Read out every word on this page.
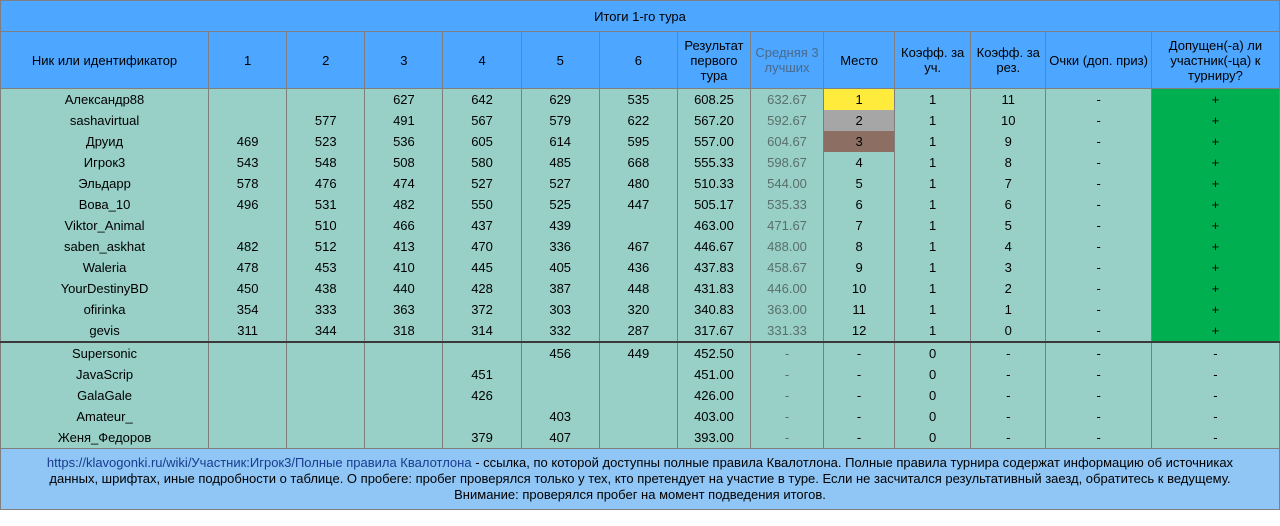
Итоги 1-го тура													
Ник или идентификатор	1	2	3	4	5	6	Результат первого тура	Средняя 3 лучших	Место	Коэфф. за уч.	Коэфф. за рез.	Очки (доп. приз)	Допущен(-а) ли участник(-ца) к турниру?
Александр88			627	642	629	535	608.25	632.67	1	1	11	-	+
sashavirtual		577	491	567	579	622	567.20	592.67	2	1	10	-	+
Друид	469	523	536	605	614	595	557.00	604.67	3	1	9	-	+
Игрок3	543	548	508	580	485	668	555.33	598.67	4	1	8	-	+
Эльдарр	578	476	474	527	527	480	510.33	544.00	5	1	7	-	+
Вова_10	496	531	482	550	525	447	505.17	535.33	6	1	6	-	+
Viktor_Animal		510	466	437	439		463.00	471.67	7	1	5	-	+
saben_askhat	482	512	413	470	336	467	446.67	488.00	8	1	4	-	+
Waleria	478	453	410	445	405	436	437.83	458.67	9	1	3	-	+
YourDestinyBD	450	438	440	428	387	448	431.83	446.00	10	1	2	-	+
ofirinka	354	333	363	372	303	320	340.83	363.00	11	1	1	-	+
gevis	311	344	318	314	332	287	317.67	331.33	12	1	0	-	+
Supersonic					456	449	452.50	-	-	0	-	-	-
JavaScrip				451			451.00	-	-	0	-	-	-
GalaGale				426			426.00	-	-	0	-	-	-
Amateur_					403		403.00	-	-	0	-	-	-
Женя_Федоров				379	407		393.00	-	-	0	-	-	-
https://klavogonki.ru/wiki/Участник:Игрок3/Полные правила Квалотлона - ссылка, по которой доступны полные правила Квалотлона. Полные правила турнира содержат информацию об источниках данных, шрифтах, иные подробности о таблице. О пробеге: пробег проверялся только у тех, кто претендует на участие в туре. Если не засчитался результативный заезд, обратитесь к ведущему. Внимание: проверялся пробег на момент подведения итогов.													
